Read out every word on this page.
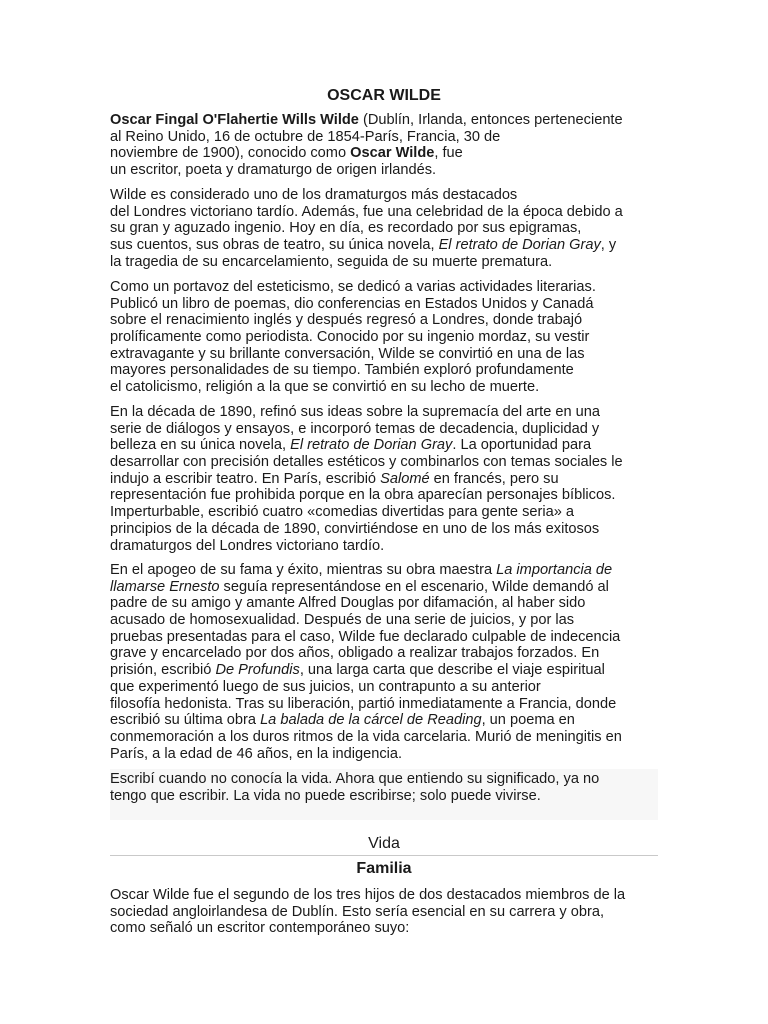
OSCAR WILDE
Oscar Fingal O'Flahertie Wills Wilde (Dublín, Irlanda, entonces perteneciente
al Reino Unido, 16 de octubre de 1854-París, Francia, 30 de
noviembre de 1900), conocido como Oscar Wilde, fue
un escritor, poeta y dramaturgo de origen irlandés.
Wilde es considerado uno de los dramaturgos más destacados
del Londres victoriano tardío. Además, fue una celebridad de la época debido a
su gran y aguzado ingenio. Hoy en día, es recordado por sus epigramas,
sus cuentos, sus obras de teatro, su única novela, El retrato de Dorian Gray, y
la tragedia de su encarcelamiento, seguida de su muerte prematura.
Como un portavoz del esteticismo, se dedicó a varias actividades literarias.
Publicó un libro de poemas, dio conferencias en Estados Unidos y Canadá
sobre el renacimiento inglés y después regresó a Londres, donde trabajó
prolíficamente como periodista. Conocido por su ingenio mordaz, su vestir
extravagante y su brillante conversación, Wilde se convirtió en una de las
mayores personalidades de su tiempo. También exploró profundamente
el catolicismo, religión a la que se convirtió en su lecho de muerte.
En la década de 1890, refinó sus ideas sobre la supremacía del arte en una
serie de diálogos y ensayos, e incorporó temas de decadencia, duplicidad y
belleza en su única novela, El retrato de Dorian Gray. La oportunidad para
desarrollar con precisión detalles estéticos y combinarlos con temas sociales le
indujo a escribir teatro. En París, escribió Salomé en francés, pero su
representación fue prohibida porque en la obra aparecían personajes bíblicos.
Imperturbable, escribió cuatro «comedias divertidas para gente seria» a
principios de la década de 1890, convirtiéndose en uno de los más exitosos
dramaturgos del Londres victoriano tardío.
En el apogeo de su fama y éxito, mientras su obra maestra La importancia de
llamarse Ernesto seguía representándose en el escenario, Wilde demandó al
padre de su amigo y amante Alfred Douglas por difamación, al haber sido
acusado de homosexualidad. Después de una serie de juicios, y por las
pruebas presentadas para el caso, Wilde fue declarado culpable de indecencia
grave y encarcelado por dos años, obligado a realizar trabajos forzados. En
prisión, escribió De Profundis, una larga carta que describe el viaje espiritual
que experimentó luego de sus juicios, un contrapunto a su anterior
filosofía hedonista. Tras su liberación, partió inmediatamente a Francia, donde
escribió su última obra La balada de la cárcel de Reading, un poema en
conmemoración a los duros ritmos de la vida carcelaria. Murió de meningitis en
París, a la edad de 46 años, en la indigencia.
Escribí cuando no conocía la vida. Ahora que entiendo su significado, ya no
tengo que escribir. La vida no puede escribirse; solo puede vivirse.
Vida
Familia
Oscar Wilde fue el segundo de los tres hijos de dos destacados miembros de la
sociedad angloirlandesa de Dublín. Esto sería esencial en su carrera y obra,
como señaló un escritor contemporáneo suyo:
